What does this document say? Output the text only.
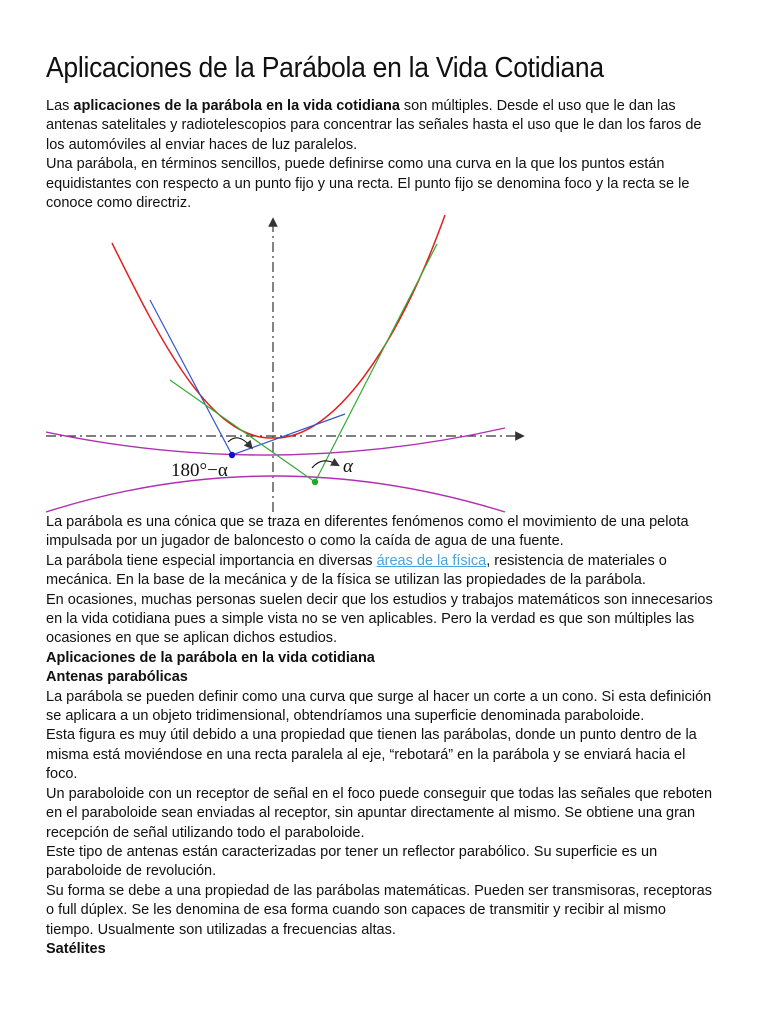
Aplicaciones de la Parábola en la Vida Cotidiana

Las aplicaciones de la parábola en la vida cotidiana son múltiples. Desde el uso que le dan las antenas satelitales y radiotelescopios para concentrar las señales hasta el uso que le dan los faros de los automóviles al enviar haces de luz paralelos.

Una parábola, en términos sencillos, puede definirse como una curva en la que los puntos están equidistantes con respecto a un punto fijo y una recta. El punto fijo se denomina foco y la recta se le conoce como directriz.

La parábola es una cónica que se traza en diferentes fenómenos como el movimiento de una pelota impulsada por un jugador de baloncesto o como la caída de agua de una fuente.

La parábola tiene especial importancia en diversas áreas de la física, resistencia de materiales o mecánica. En la base de la mecánica y de la física se utilizan las propiedades de la parábola.

En ocasiones, muchas personas suelen decir que los estudios y trabajos matemáticos son innecesarios en la vida cotidiana pues a simple vista no se ven aplicables. Pero la verdad es que son múltiples las ocasiones en que se aplican dichos estudios.

Aplicaciones de la parábola en la vida cotidiana

Antenas parabólicas

La parábola se pueden definir como una curva que surge al hacer un corte a un cono. Si esta definición se aplicara a un objeto tridimensional, obtendríamos una superficie denominada paraboloide.

Esta figura es muy útil debido a una propiedad que tienen las parábolas, donde un punto dentro de la misma está moviéndose en una recta paralela al eje, “rebotará” en la parábola y se enviará hacia el foco.

Un paraboloide con un receptor de señal en el foco puede conseguir que todas las señales que reboten en el paraboloide sean enviadas al receptor, sin apuntar directamente al mismo. Se obtiene una gran recepción de señal utilizando todo el paraboloide.

Este tipo de antenas están caracterizadas por tener un reflector parabólico. Su superficie es un paraboloide de revolución.

Su forma se debe a una propiedad de las parábolas matemáticas. Pueden ser transmisoras, receptoras o full dúplex. Se les denomina de esa forma cuando son capaces de transmitir y recibir al mismo tiempo. Usualmente son utilizadas a frecuencias altas.

Satélites

180°−α	α
